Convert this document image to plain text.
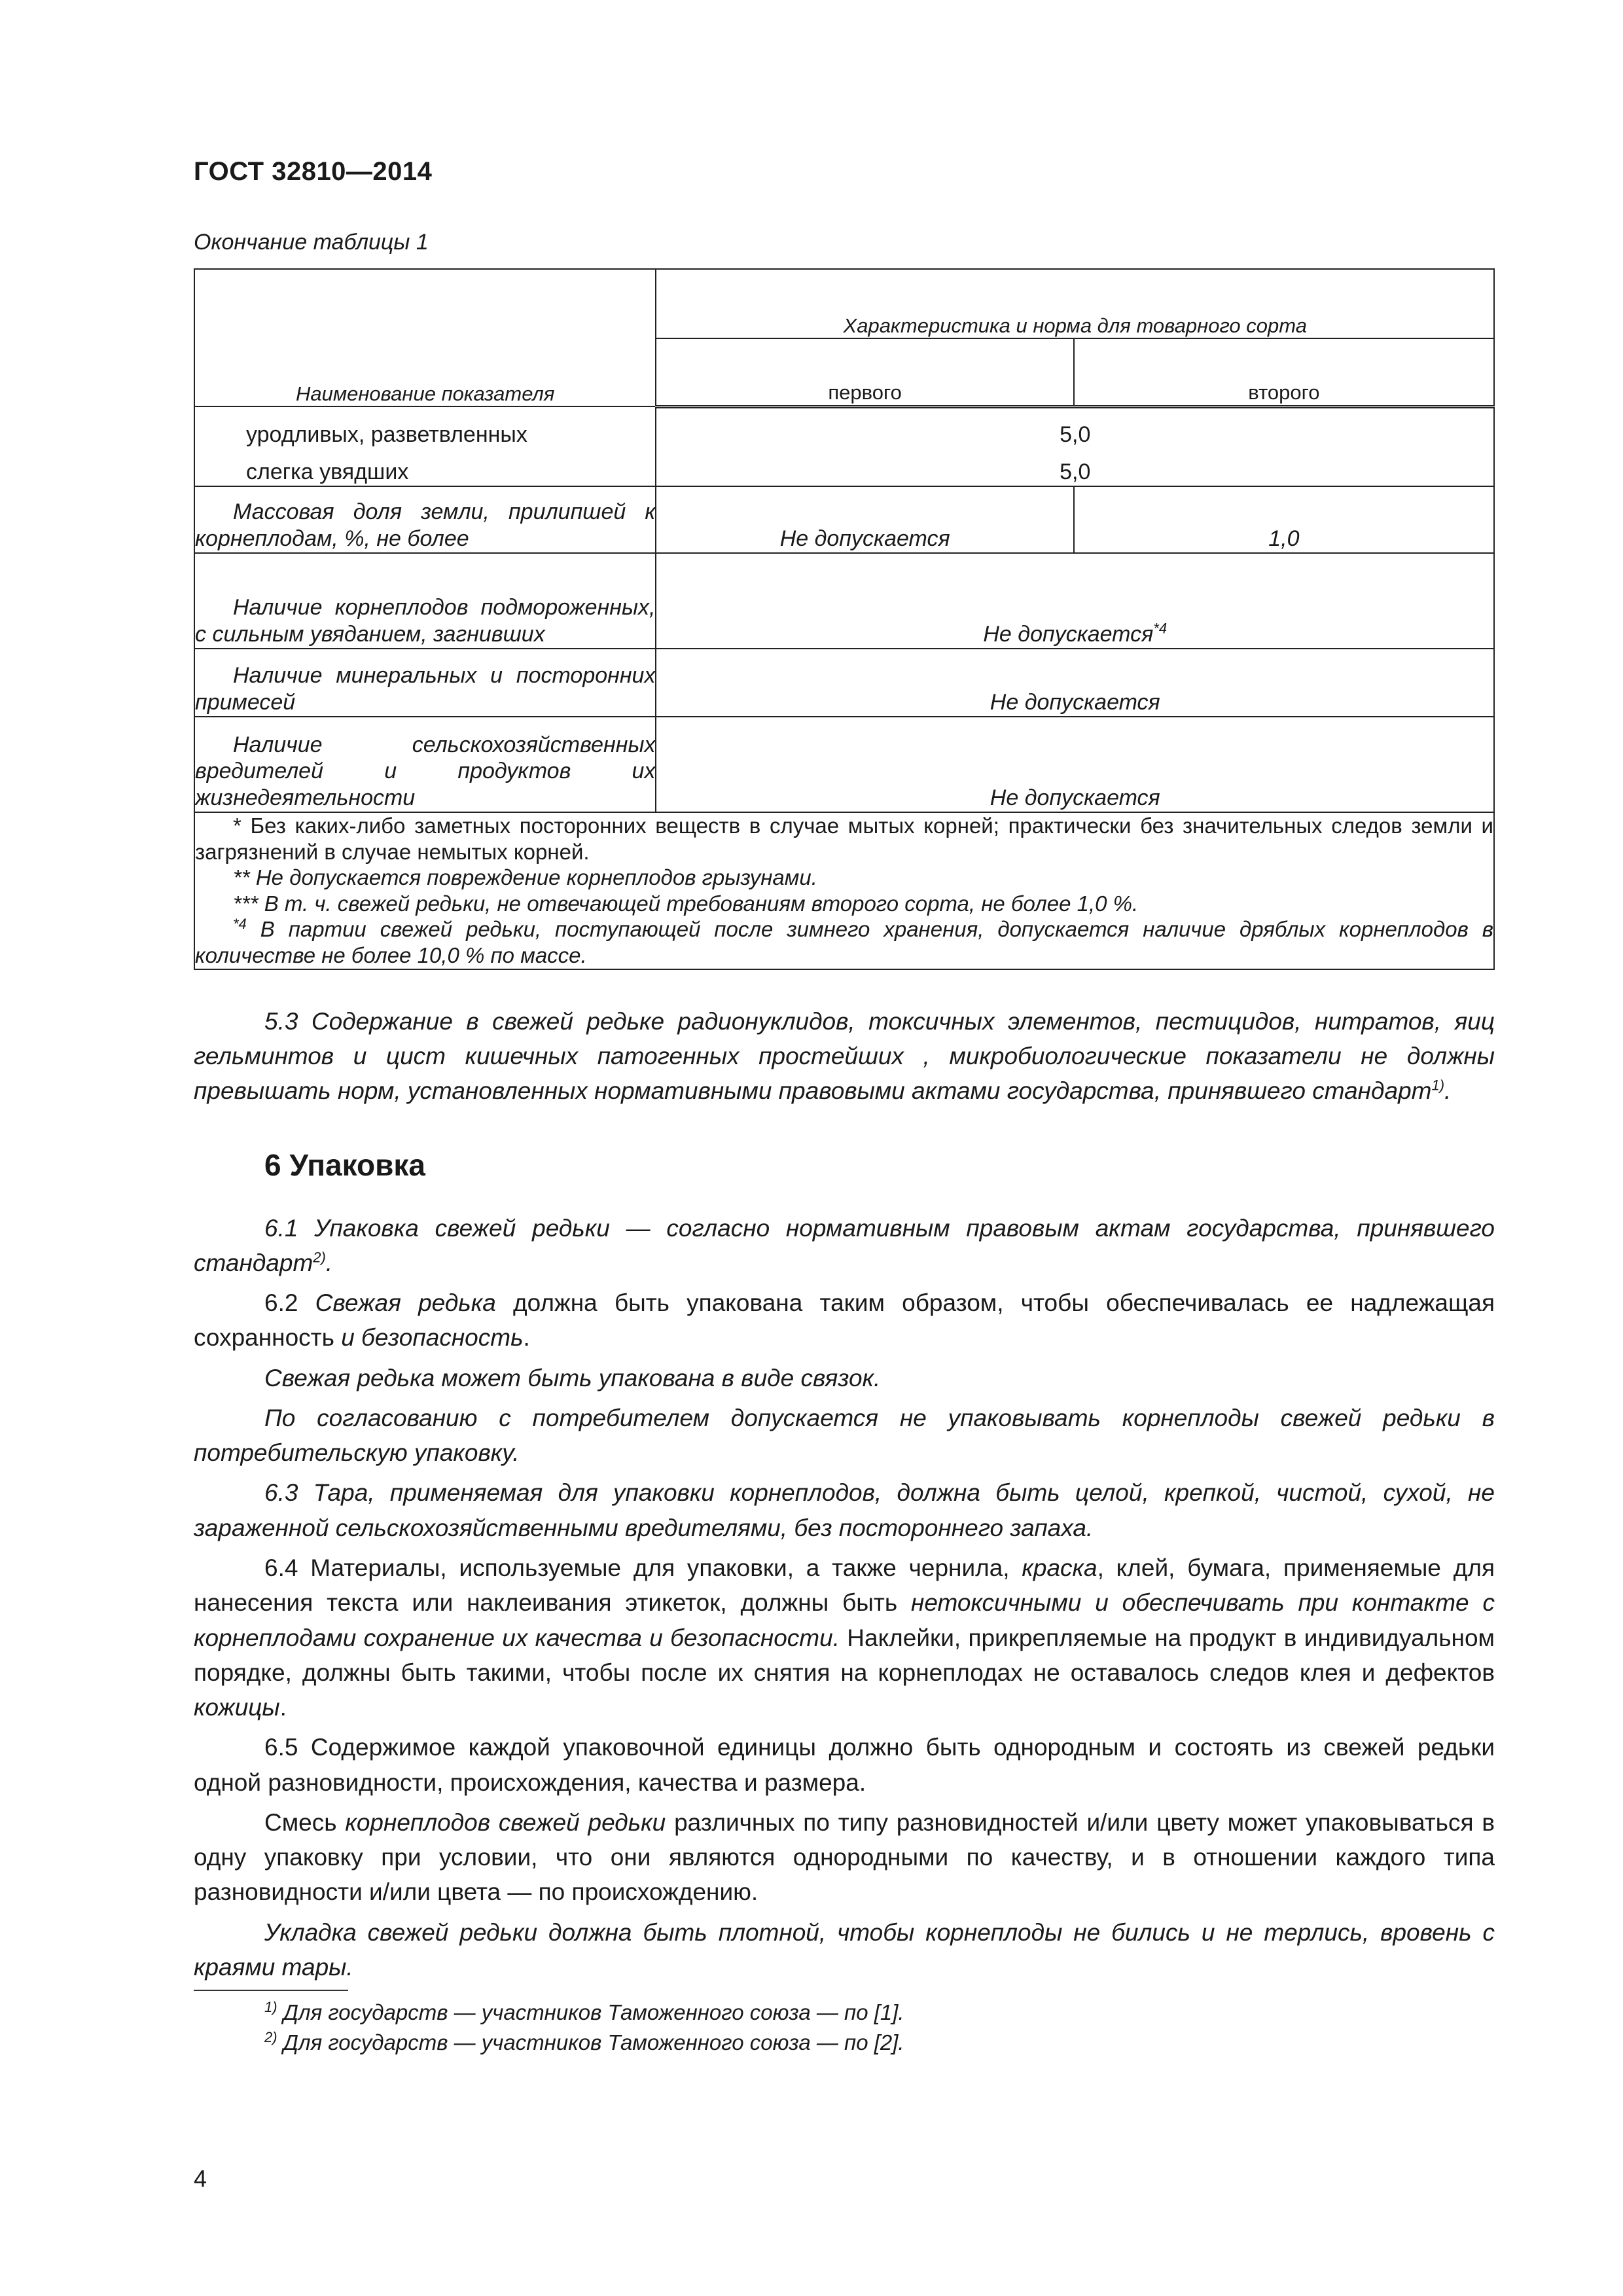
ГОСТ 32810—2014

Окончание таблицы 1
Наименование показателя	Характеристика и норма для товарного сорта	
	первого	второго
уродливых, разветвленных	5,0	
слегка увядших	5,0	
Массовая доля земли, прилипшей к корнеплодам, %, не более	Не допускается	1,0
Наличие корнеплодов подмороженных, с сильным увяданием, загнивших	Не допускается$^{*4}$
Наличие минеральных и посторонних примесей	Не допускается	
Наличие сельскохозяйственных вредителей и продуктов их жизнедеятельности	Не допускается	

* Без каких-либо заметных посторонних веществ в случае мытых корней; практически без значительных следов земли и загрязнений в случае немытых корней.
** Не допускается повреждение корнеплодов грызунами.
*** В т. ч. свежей редьки, не отвечающей требованиям второго сорта, не более 1,0 %.
$^{*4}$ В партии свежей редьки, поступающей после зимнего хранения, допускается наличие дряблых корнеплодов в количестве не более 10,0 % по массе.		

5.3 Содержание в свежей редьке радионуклидов, токсичных элементов, пестицидов, нитратов, яиц гельминтов и цист кишечных патогенных простейших , микробиологические показатели не должны превышать норм, установленных нормативными правовыми актами государства, принявшего стандарт$^{1)}$.

6 Упаковка

6.1 Упаковка свежей редьки — согласно нормативным правовым актам государства, принявшего стандарт$^{2)}$.

6.2 Свежая редька должна быть упакована таким образом, чтобы обеспечивалась ее надлежащая сохранность и безопасность.

Свежая редька может быть упакована в виде связок.

По согласованию с потребителем допускается не упаковывать корнеплоды свежей редьки в потребительскую упаковку.

6.3 Тара, применяемая для упаковки корнеплодов, должна быть целой, крепкой, чистой, сухой, не зараженной сельскохозяйственными вредителями, без постороннего запаха.

6.4 Материалы, используемые для упаковки, а также чернила, краска, клей, бумага, применяемые для нанесения текста или наклеивания этикеток, должны быть нетоксичными и обеспечивать при контакте с корнеплодами сохранение их качества и безопасности. Наклейки, прикрепляемые на продукт в индивидуальном порядке, должны быть такими, чтобы после их снятия на корнеплодах не оставалось следов клея и дефектов кожицы.

6.5 Содержимое каждой упаковочной единицы должно быть однородным и состоять из свежей редьки одной разновидности, происхождения, качества и размера.

Смесь корнеплодов свежей редьки различных по типу разновидностей и/или цвету может упаковываться в одну упаковку при условии, что они являются однородными по качеству, и в отношении каждого типа разновидности и/или цвета — по происхождению.

Укладка свежей редьки должна быть плотной, чтобы корнеплоды не бились и не терлись, вровень с краями тары.

$^{1)}$ Для государств — участников Таможенного союза — по [1].

$^{2)}$ Для государств — участников Таможенного союза — по [2].

4
